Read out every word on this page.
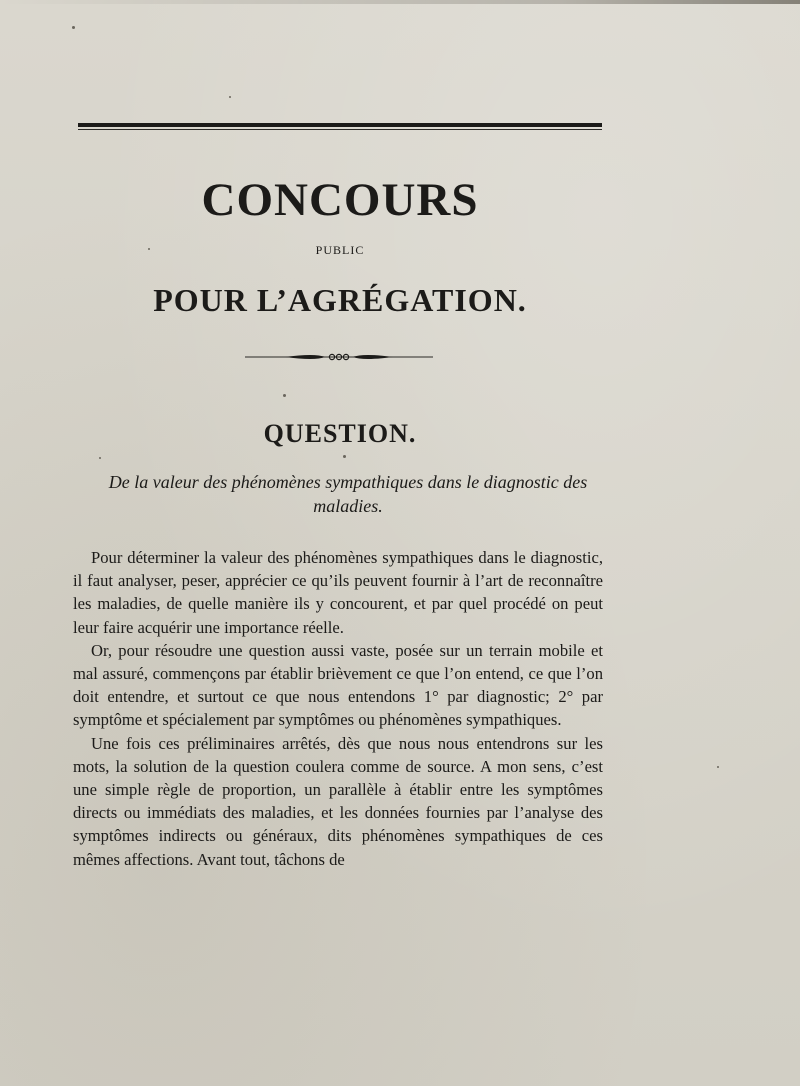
CONCOURS
PUBLIC
POUR L’AGRÉGATION.
QUESTION.

De la valeur des phénomènes sympathiques dans le diagnostic des maladies.

Pour déterminer la valeur des phénomènes sympathiques dans le diagnostic, il faut analyser, peser, apprécier ce qu’ils peuvent fournir à l’art de reconnaître les maladies, de quelle manière ils y concourent, et par quel procédé on peut leur faire acquérir une importance réelle.

Or, pour résoudre une question aussi vaste, posée sur un terrain mobile et mal assuré, commençons par établir brièvement ce que l’on entend, ce que l’on doit entendre, et surtout ce que nous entendons 1° par diagnostic; 2° par symptôme et spécialement par symptômes ou phénomènes sympathiques.

Une fois ces préliminaires arrêtés, dès que nous nous entendrons sur les mots, la solution de la question coulera comme de source. A mon sens, c’est une simple règle de proportion, un parallèle à établir entre les symptômes directs ou immédiats des maladies, et les données fournies par l’analyse des symptômes indirects ou généraux, dits phénomènes sympathiques de ces mêmes affections. Avant tout, tâchons de
